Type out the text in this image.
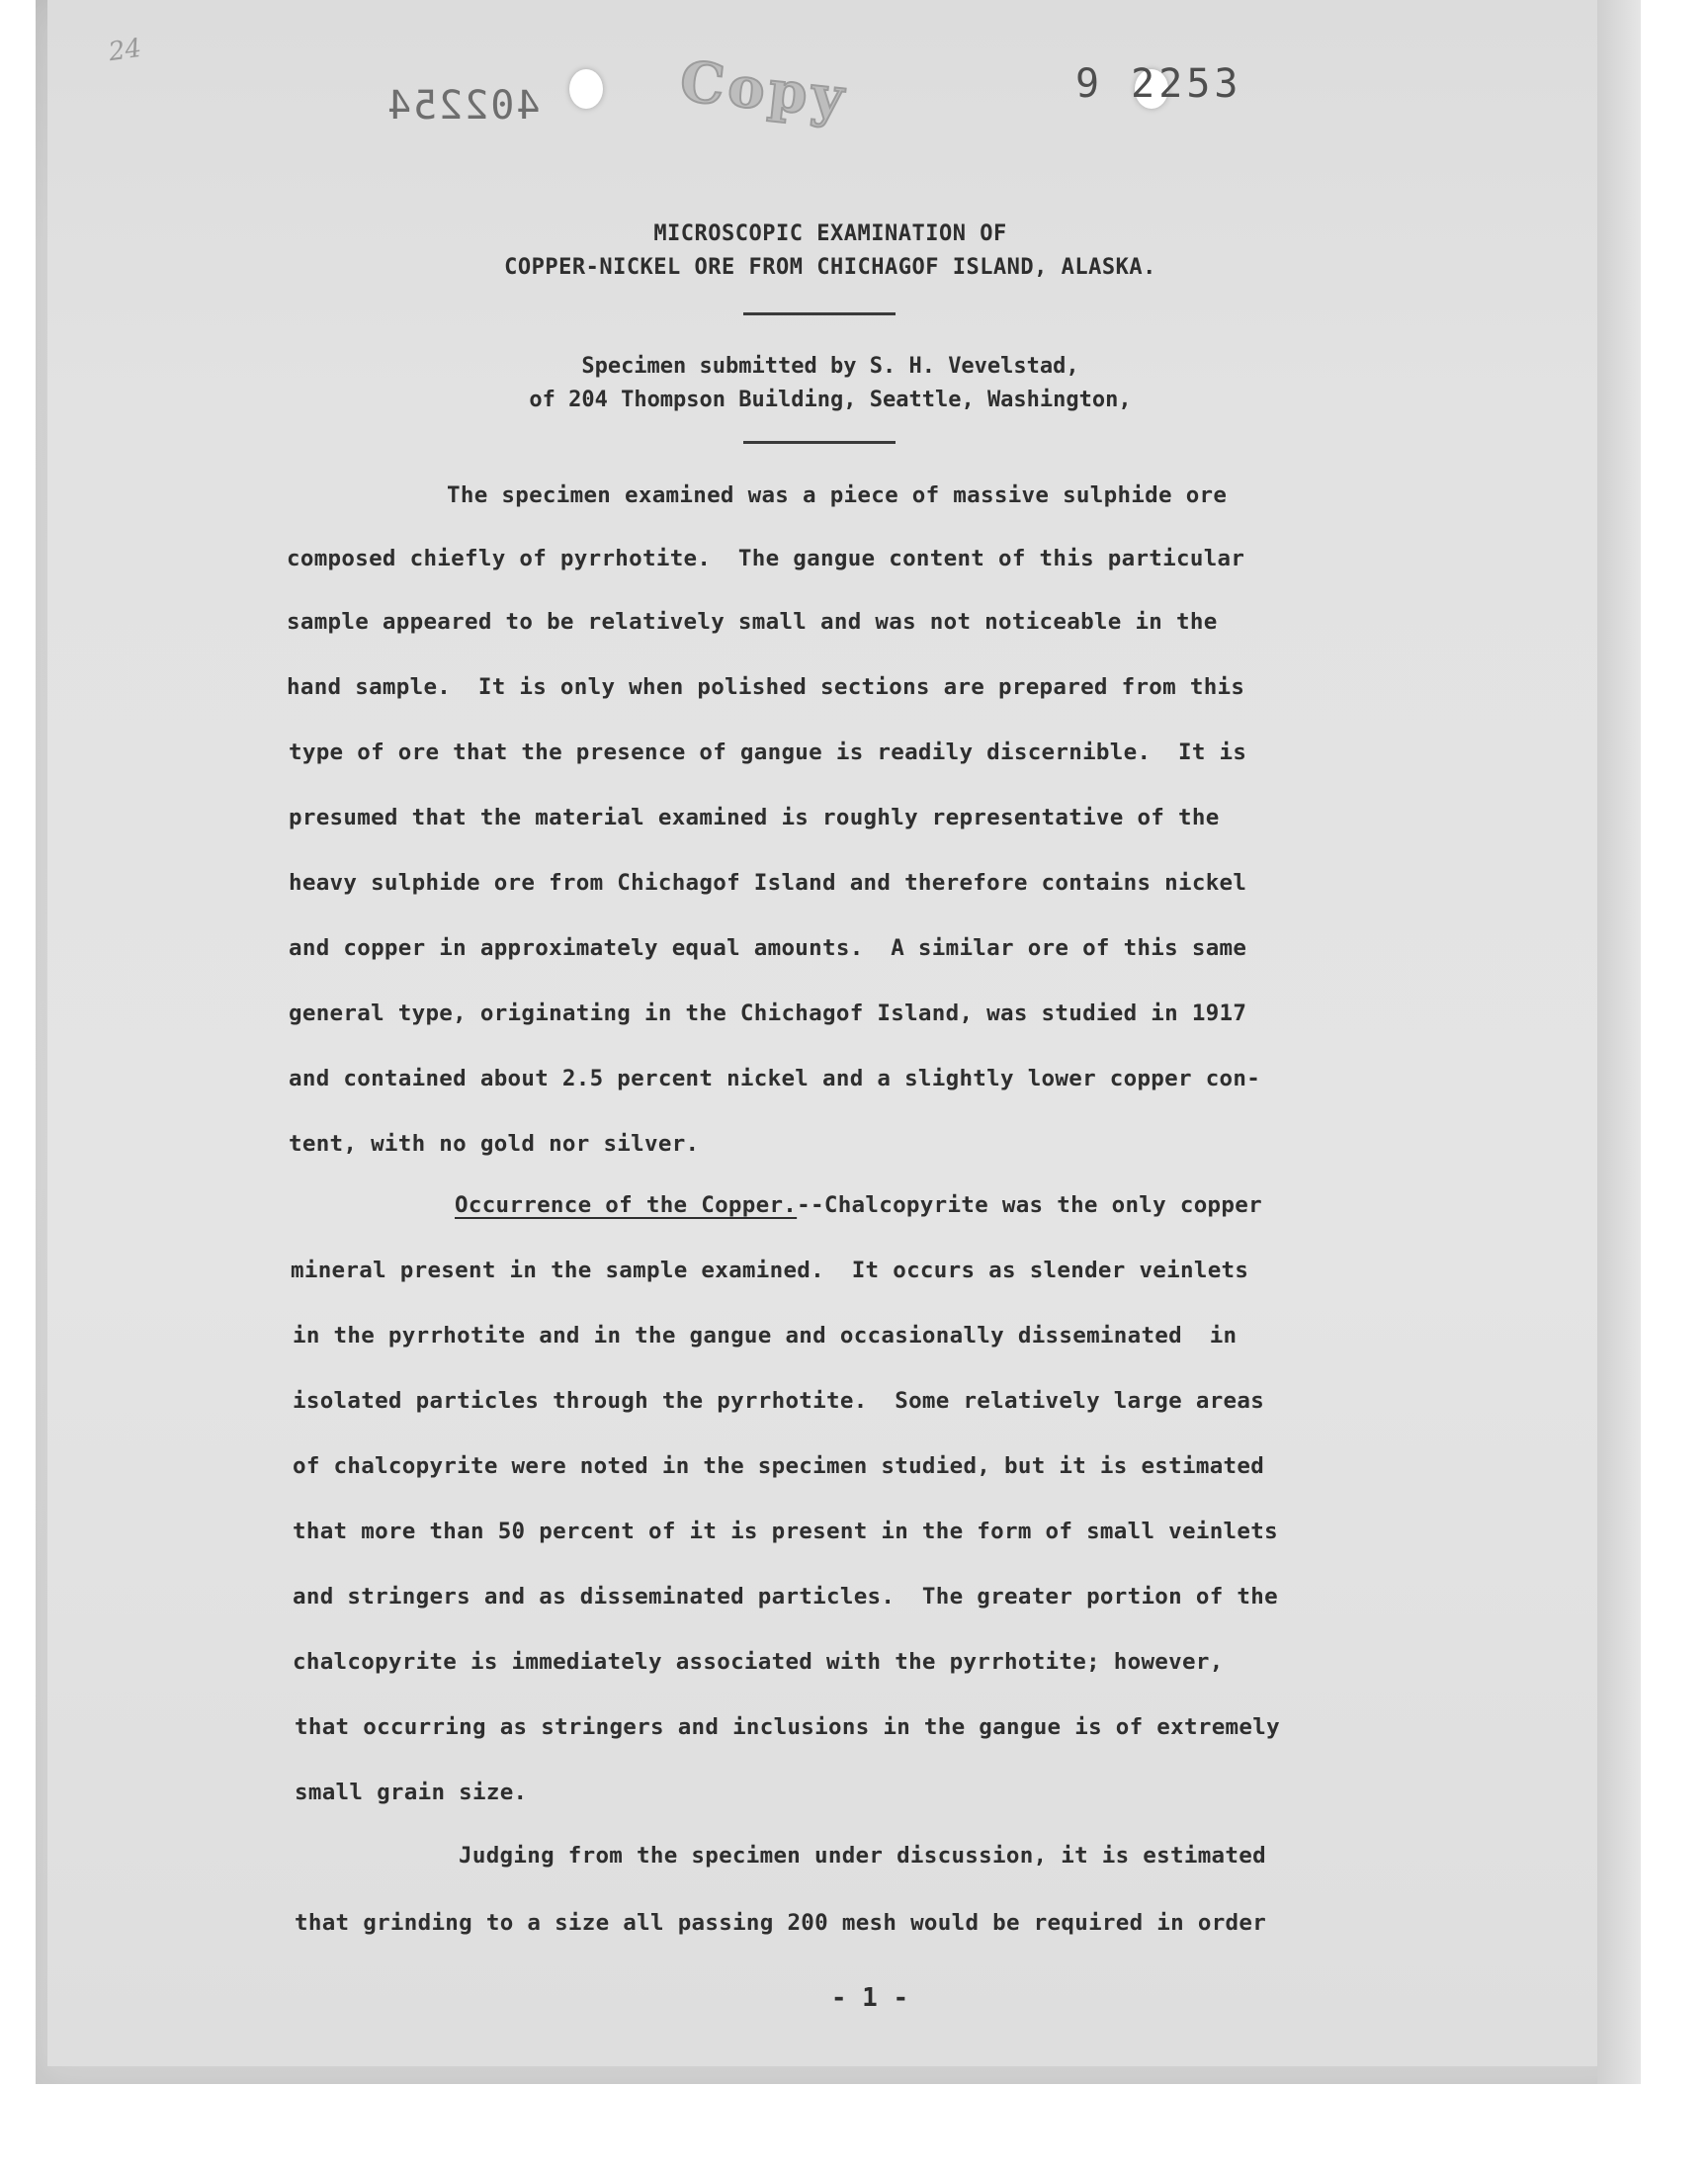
24
402254 Copy	9 2253
MICROSCOPIC EXAMINATION OF
COPPER-NICKEL ORE FROM CHICHAGOF ISLAND, ALASKA.
Specimen submitted by S. H. Vevelstad,
of 204 Thompson Building, Seattle, Washington,
The specimen examined was a piece of massive sulphide ore
composed chiefly of pyrrhotite.  The gangue content of this particular
sample appeared to be relatively small and was not noticeable in the
hand sample.  It is only when polished sections are prepared from this
type of ore that the presence of gangue is readily discernible.  It is
presumed that the material examined is roughly representative of the
heavy sulphide ore from Chichagof Island and therefore contains nickel
and copper in approximately equal amounts.  A similar ore of this same
general type, originating in the Chichagof Island, was studied in 1917
and contained about 2.5 percent nickel and a slightly lower copper con-
tent, with no gold nor silver.
Occurrence of the Copper.--Chalcopyrite was the only copper
mineral present in the sample examined.  It occurs as slender veinlets
in the pyrrhotite and in the gangue and occasionally disseminated  in
isolated particles through the pyrrhotite.  Some relatively large areas
of chalcopyrite were noted in the specimen studied, but it is estimated
that more than 50 percent of it is present in the form of small veinlets
and stringers and as disseminated particles.  The greater portion of the
chalcopyrite is immediately associated with the pyrrhotite; however,
that occurring as stringers and inclusions in the gangue is of extremely
small grain size.
Judging from the specimen under discussion, it is estimated
that grinding to a size all passing 200 mesh would be required in order
- 1 -
